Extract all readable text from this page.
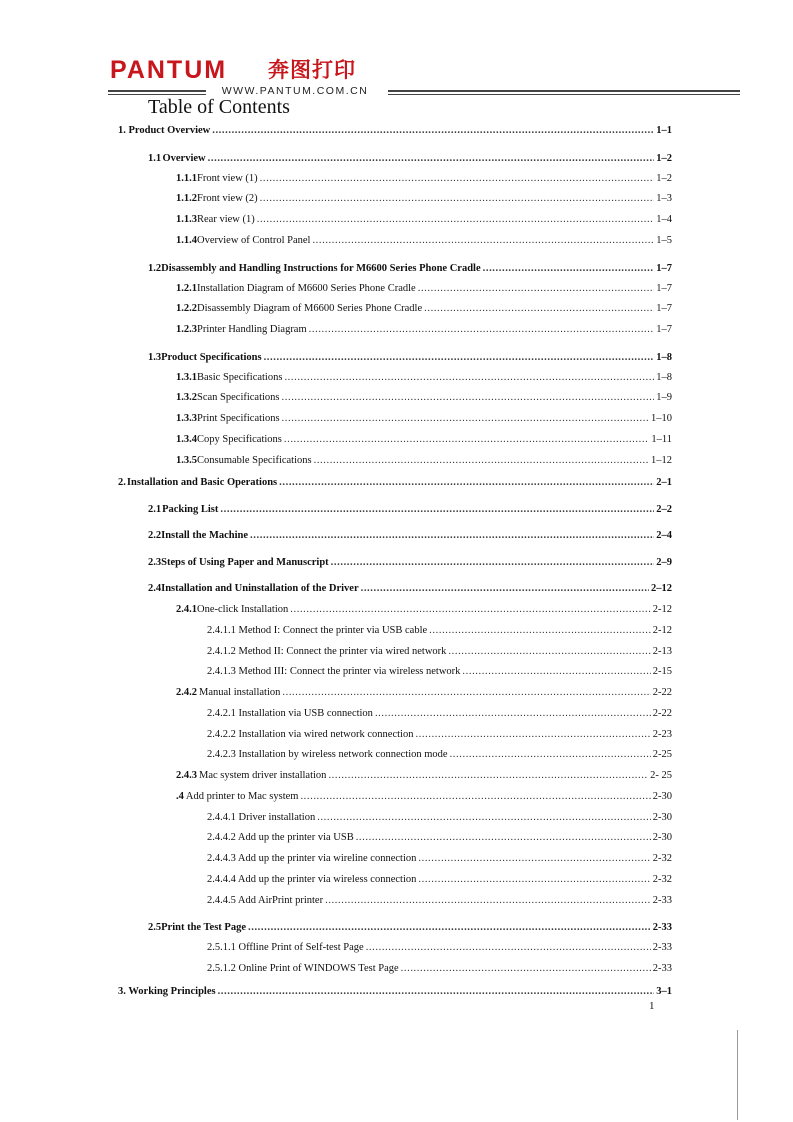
PANTUM 奔图打印
WWW.PANTUM.COM.CN
Table of Contents
1. Product Overview .....	1–1
1.1 Overview .....	1–2
1.1.1 Front view (1) .....	1–2
1.1.2 Front view (2) .....	1–3
1.1.3 Rear view (1) .....	1–4
1.1.4 Overview of Control Panel .....	1–5
1.2 Disassembly and Handling Instructions for M6600 Series Phone Cradle .....	1–7
1.2.1 Installation Diagram of M6600 Series Phone Cradle .....	1–7
1.2.2 Disassembly Diagram of M6600 Series Phone Cradle .....	1–7
1.2.3 Printer Handling Diagram .....	1–7
1.3 Product Specifications .....	1–8
1.3.1 Basic Specifications .....	1–8
1.3.2 Scan Specifications .....	1–9
1.3.3 Print Specifications .....	1–10
1.3.4 Copy Specifications .....	1–11
1.3.5 Consumable Specifications .....	1–12
2. Installation and Basic Operations .....	2–1
2.1 Packing List .....	2–2
2.2 Install the Machine .....	2–4
2.3 Steps of Using Paper and Manuscript .....	2–9
2.4 Installation and Uninstallation of the Driver .....	2–12
2.4.1 One-click Installation .....	2-12
2.4.1.1 Method I: Connect the printer via USB cable .....	2-12
2.4.1.2 Method II: Connect the printer via wired network .....	2-13
2.4.1.3 Method III: Connect the printer via wireless network .....	2-15
2.4.2 Manual installation .....	2-22
2.4.2.1 Installation via USB connection .....	2-22
2.4.2.2 Installation via wired network connection .....	2-23
2.4.2.3 Installation by wireless network connection mode .....	2-25
2.4.3 Mac system driver installation .....	2- 25
.4 Add printer to Mac system .....	2-30
2.4.4.1 Driver installation .....	2-30
2.4.4.2 Add up the printer via USB .....	2-30
2.4.4.3 Add up the printer via wireline connection .....	2-32
2.4.4.4 Add up the printer via wireless connection .....	2-32
2.4.4.5 Add AirPrint printer .....	2-33
2.5 Print the Test Page .....	2-33
2.5.1.1 Offline Print of Self-test Page .....	2-33
2.5.1.2 Online Print of WINDOWS Test Page .....	2-33
3. Working Principles .....	3–1
1
